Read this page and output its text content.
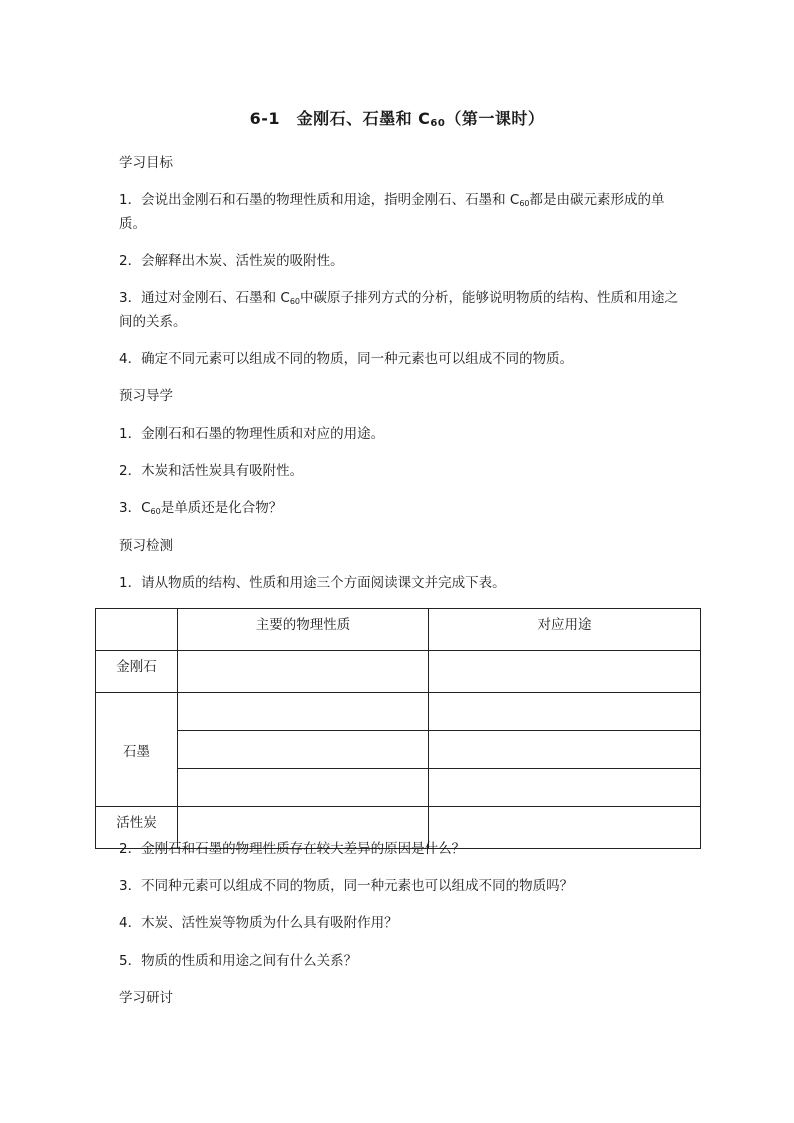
6-1　金刚石、石墨和 $C_{60}$（第一课时）
学习目标
1．会说出金刚石和石墨的物理性质和用途，指明金刚石、石墨和 $C_{60}$都是由碳元素形成的单质。
2．会解释出木炭、活性炭的吸附性。
3．通过对金刚石、石墨和 $C_{60}$中碳原子排列方式的分析，能够说明物质的结构、性质和用途之间的关系。
4．确定不同元素可以组成不同的物质，同一种元素也可以组成不同的物质。
预习导学
1．金刚石和石墨的物理性质和对应的用途。
2．木炭和活性炭具有吸附性。
3．$C_{60}$是单质还是化合物？
预习检测
1．请从物质的结构、性质和用途三个方面阅读课文并完成下表。
	主要的物理性质	对应用途
金刚石		
石墨		

活性炭		
2．金刚石和石墨的物理性质存在较大差异的原因是什么？
3．不同种元素可以组成不同的物质，同一种元素也可以组成不同的物质吗？
4．木炭、活性炭等物质为什么具有吸附作用？
5．物质的性质和用途之间有什么关系？
学习研讨
